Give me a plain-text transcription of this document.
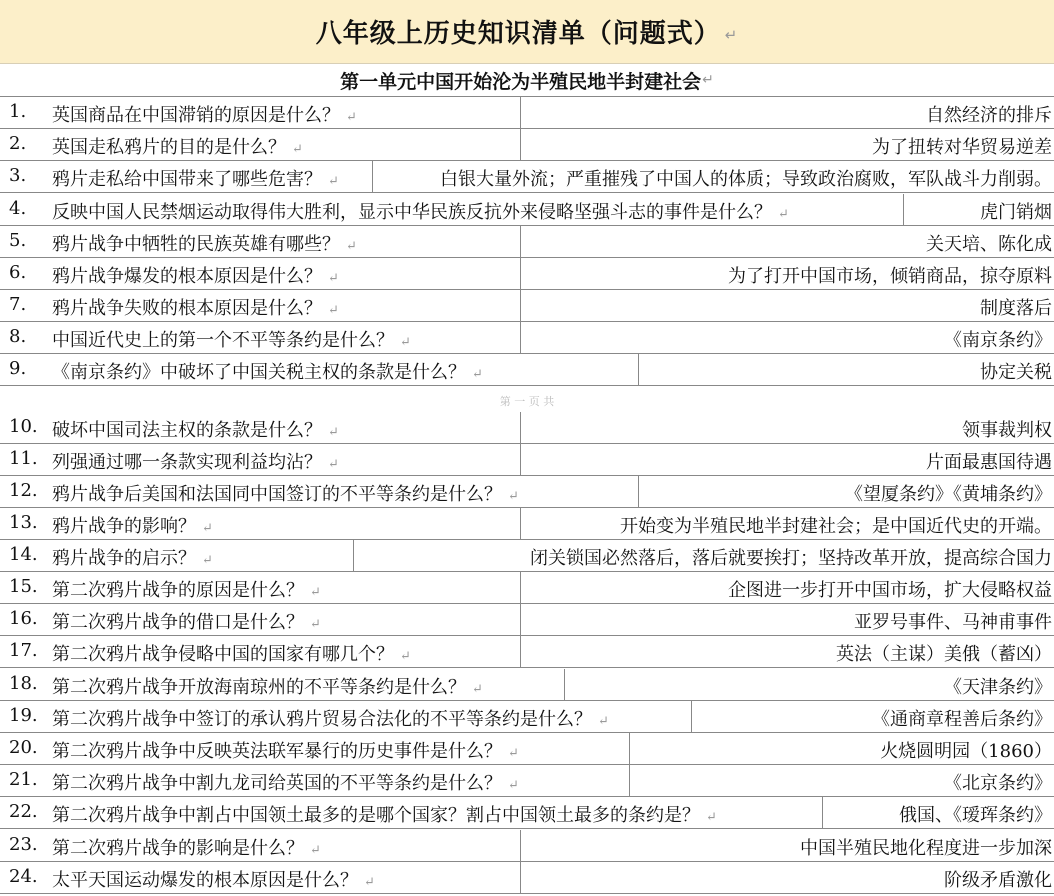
八年级上历史知识清单（问题式） ↵
第一单元中国开始沦为半殖民地半封建社会 ↵
第 一 页 共
1. 英国商品在中国滞销的原因是什么？ ↵	自然经济的排斥
2. 英国走私鸦片的目的是什么？ ↵	为了扭转对华贸易逆差
3. 鸦片走私给中国带来了哪些危害？ ↵	白银大量外流；严重摧残了中国人的体质；导致政治腐败，军队战斗力削弱。
4. 反映中国人民禁烟运动取得伟大胜利，显示中华民族反抗外来侵略坚强斗志的事件是什么？ ↵	虎门销烟
5. 鸦片战争中牺牲的民族英雄有哪些？ ↵	关天培、陈化成
6. 鸦片战争爆发的根本原因是什么？ ↵	为了打开中国市场，倾销商品，掠夺原料
7. 鸦片战争失败的根本原因是什么？ ↵	制度落后
8. 中国近代史上的第一个不平等条约是什么？ ↵	《南京条约》
9. 《南京条约》中破坏了中国关税主权的条款是什么？ ↵	协定关税
10. 破坏中国司法主权的条款是什么？ ↵	领事裁判权
11. 列强通过哪一条款实现利益均沾？ ↵	片面最惠国待遇
12. 鸦片战争后美国和法国同中国签订的不平等条约是什么？ ↵	《望厦条约》《黄埔条约》
13. 鸦片战争的影响？ ↵	开始变为半殖民地半封建社会；是中国近代史的开端。
14. 鸦片战争的启示？ ↵	闭关锁国必然落后，落后就要挨打；坚持改革开放，提高综合国力
15. 第二次鸦片战争的原因是什么？ ↵	企图进一步打开中国市场，扩大侵略权益
16. 第二次鸦片战争的借口是什么？ ↵	亚罗号事件、马神甫事件
17. 第二次鸦片战争侵略中国的国家有哪几个？ ↵	英法（主谋）美俄（蓄凶）
18. 第二次鸦片战争开放海南琼州的不平等条约是什么？ ↵	《天津条约》
19. 第二次鸦片战争中签订的承认鸦片贸易合法化的不平等条约是什么？ ↵	《通商章程善后条约》
20. 第二次鸦片战争中反映英法联军暴行的历史事件是什么？ ↵	火烧圆明园（1860）
21. 第二次鸦片战争中割九龙司给英国的不平等条约是什么？ ↵	《北京条约》
22. 第二次鸦片战争中割占中国领土最多的是哪个国家？割占中国领土最多的条约是？ ↵	俄国、《瑷珲条约》
23. 第二次鸦片战争的影响是什么？ ↵	中国半殖民地化程度进一步加深
24. 太平天国运动爆发的根本原因是什么？ ↵	阶级矛盾激化
